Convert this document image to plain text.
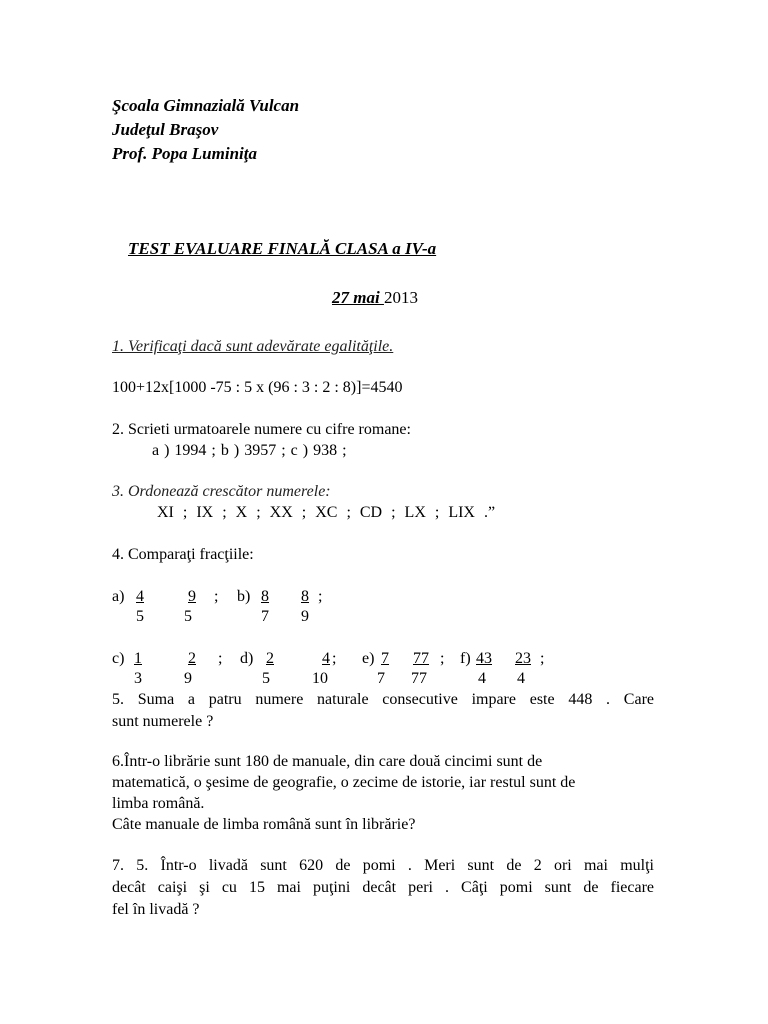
Şcoala Gimnazială Vulcan
Judeţul Braşov
Prof. Popa Luminiţa
TEST EVALUARE FINALĂ CLASA a IV-a
27 mai 2013
1. Verificaţi dacă sunt adevărate egalităţile.
100+12x[1000 -75 : 5 x (96 : 3 : 2 : 8)]=4540
2. Scrieti urmatoarele numere cu cifre romane:
a ) 1994 ; b ) 3957 ; c ) 938 ;
3. Ordonează crescător numerele:
XI ; IX ; X ; XX ; XC ; CD ; LX ; LIX .”
4. Comparaţi fracţiile:
a) 4
5
9
5
; b) 8
7
8
9
;
c) 1
3
2
9
; d) 2
5
4
10
; e) 7
7
77
77
; f) 43
4
23
4
;
5. Suma a patru numere naturale consecutive impare este 448 . Care
sunt numerele ?
6.Într-o librărie sunt 180 de manuale, din care două cincimi sunt de
matematică, o şesime de geografie, o zecime de istorie, iar restul sunt de
limba română.
Câte manuale de limba română sunt în librărie?
7. 5. Într-o livadă sunt 620 de pomi . Meri sunt de 2 ori mai mulţi
decât caişi şi cu 15 mai puţini decât peri . Câţi pomi sunt de fiecare
fel în livadă ?
